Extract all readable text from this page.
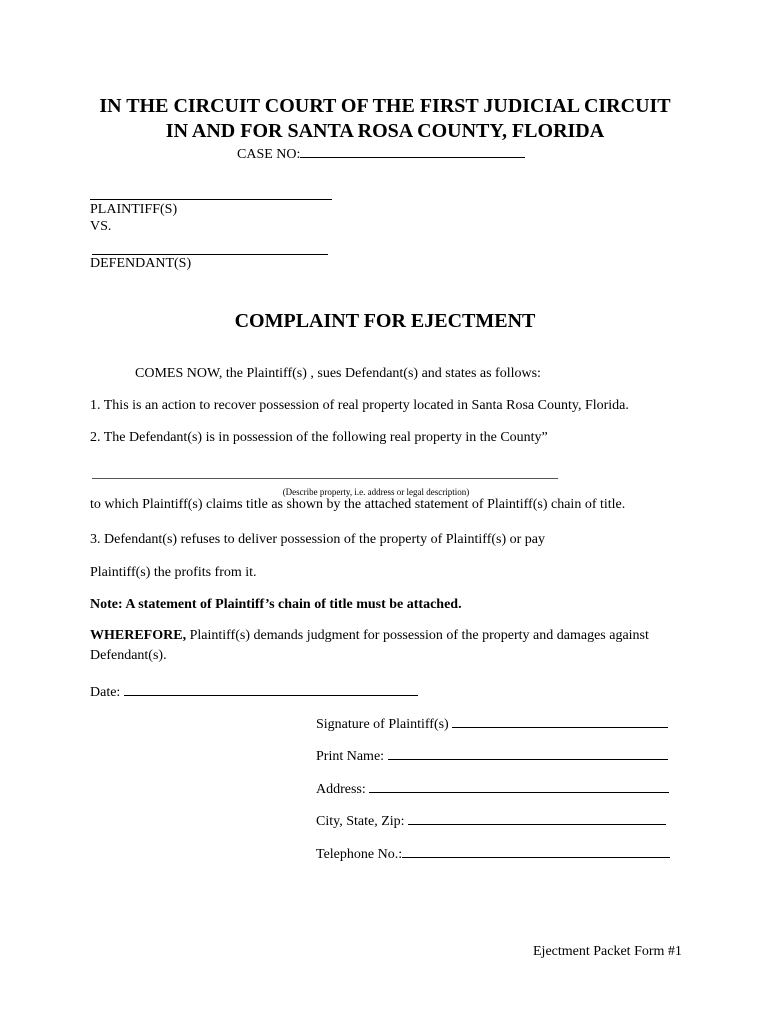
IN THE CIRCUIT COURT OF THE FIRST JUDICIAL CIRCUIT
IN AND FOR SANTA ROSA COUNTY, FLORIDA
CASE NO:
PLAINTIFF(S)
VS.
DEFENDANT(S)
COMPLAINT FOR EJECTMENT
COMES NOW, the Plaintiff(s) , sues Defendant(s) and states as follows:
1. This is an action to recover possession of real property located in Santa Rosa County, Florida.
2. The Defendant(s) is in possession of the following real property in the County”
(Describe property, i.e. address or legal description)
to which Plaintiff(s) claims title as shown by the attached statement of Plaintiff(s) chain of title.
3. Defendant(s) refuses to deliver possession of the property of Plaintiff(s) or pay
Plaintiff(s) the profits from it.
Note: A statement of Plaintiff’s chain of title must be attached.
WHEREFORE, Plaintiff(s) demands judgment for possession of the property and damages against
Defendant(s).
Date:
Signature of Plaintiff(s)
Print Name:
Address:
City, State, Zip:
Telephone No.:
Ejectment Packet Form #1
